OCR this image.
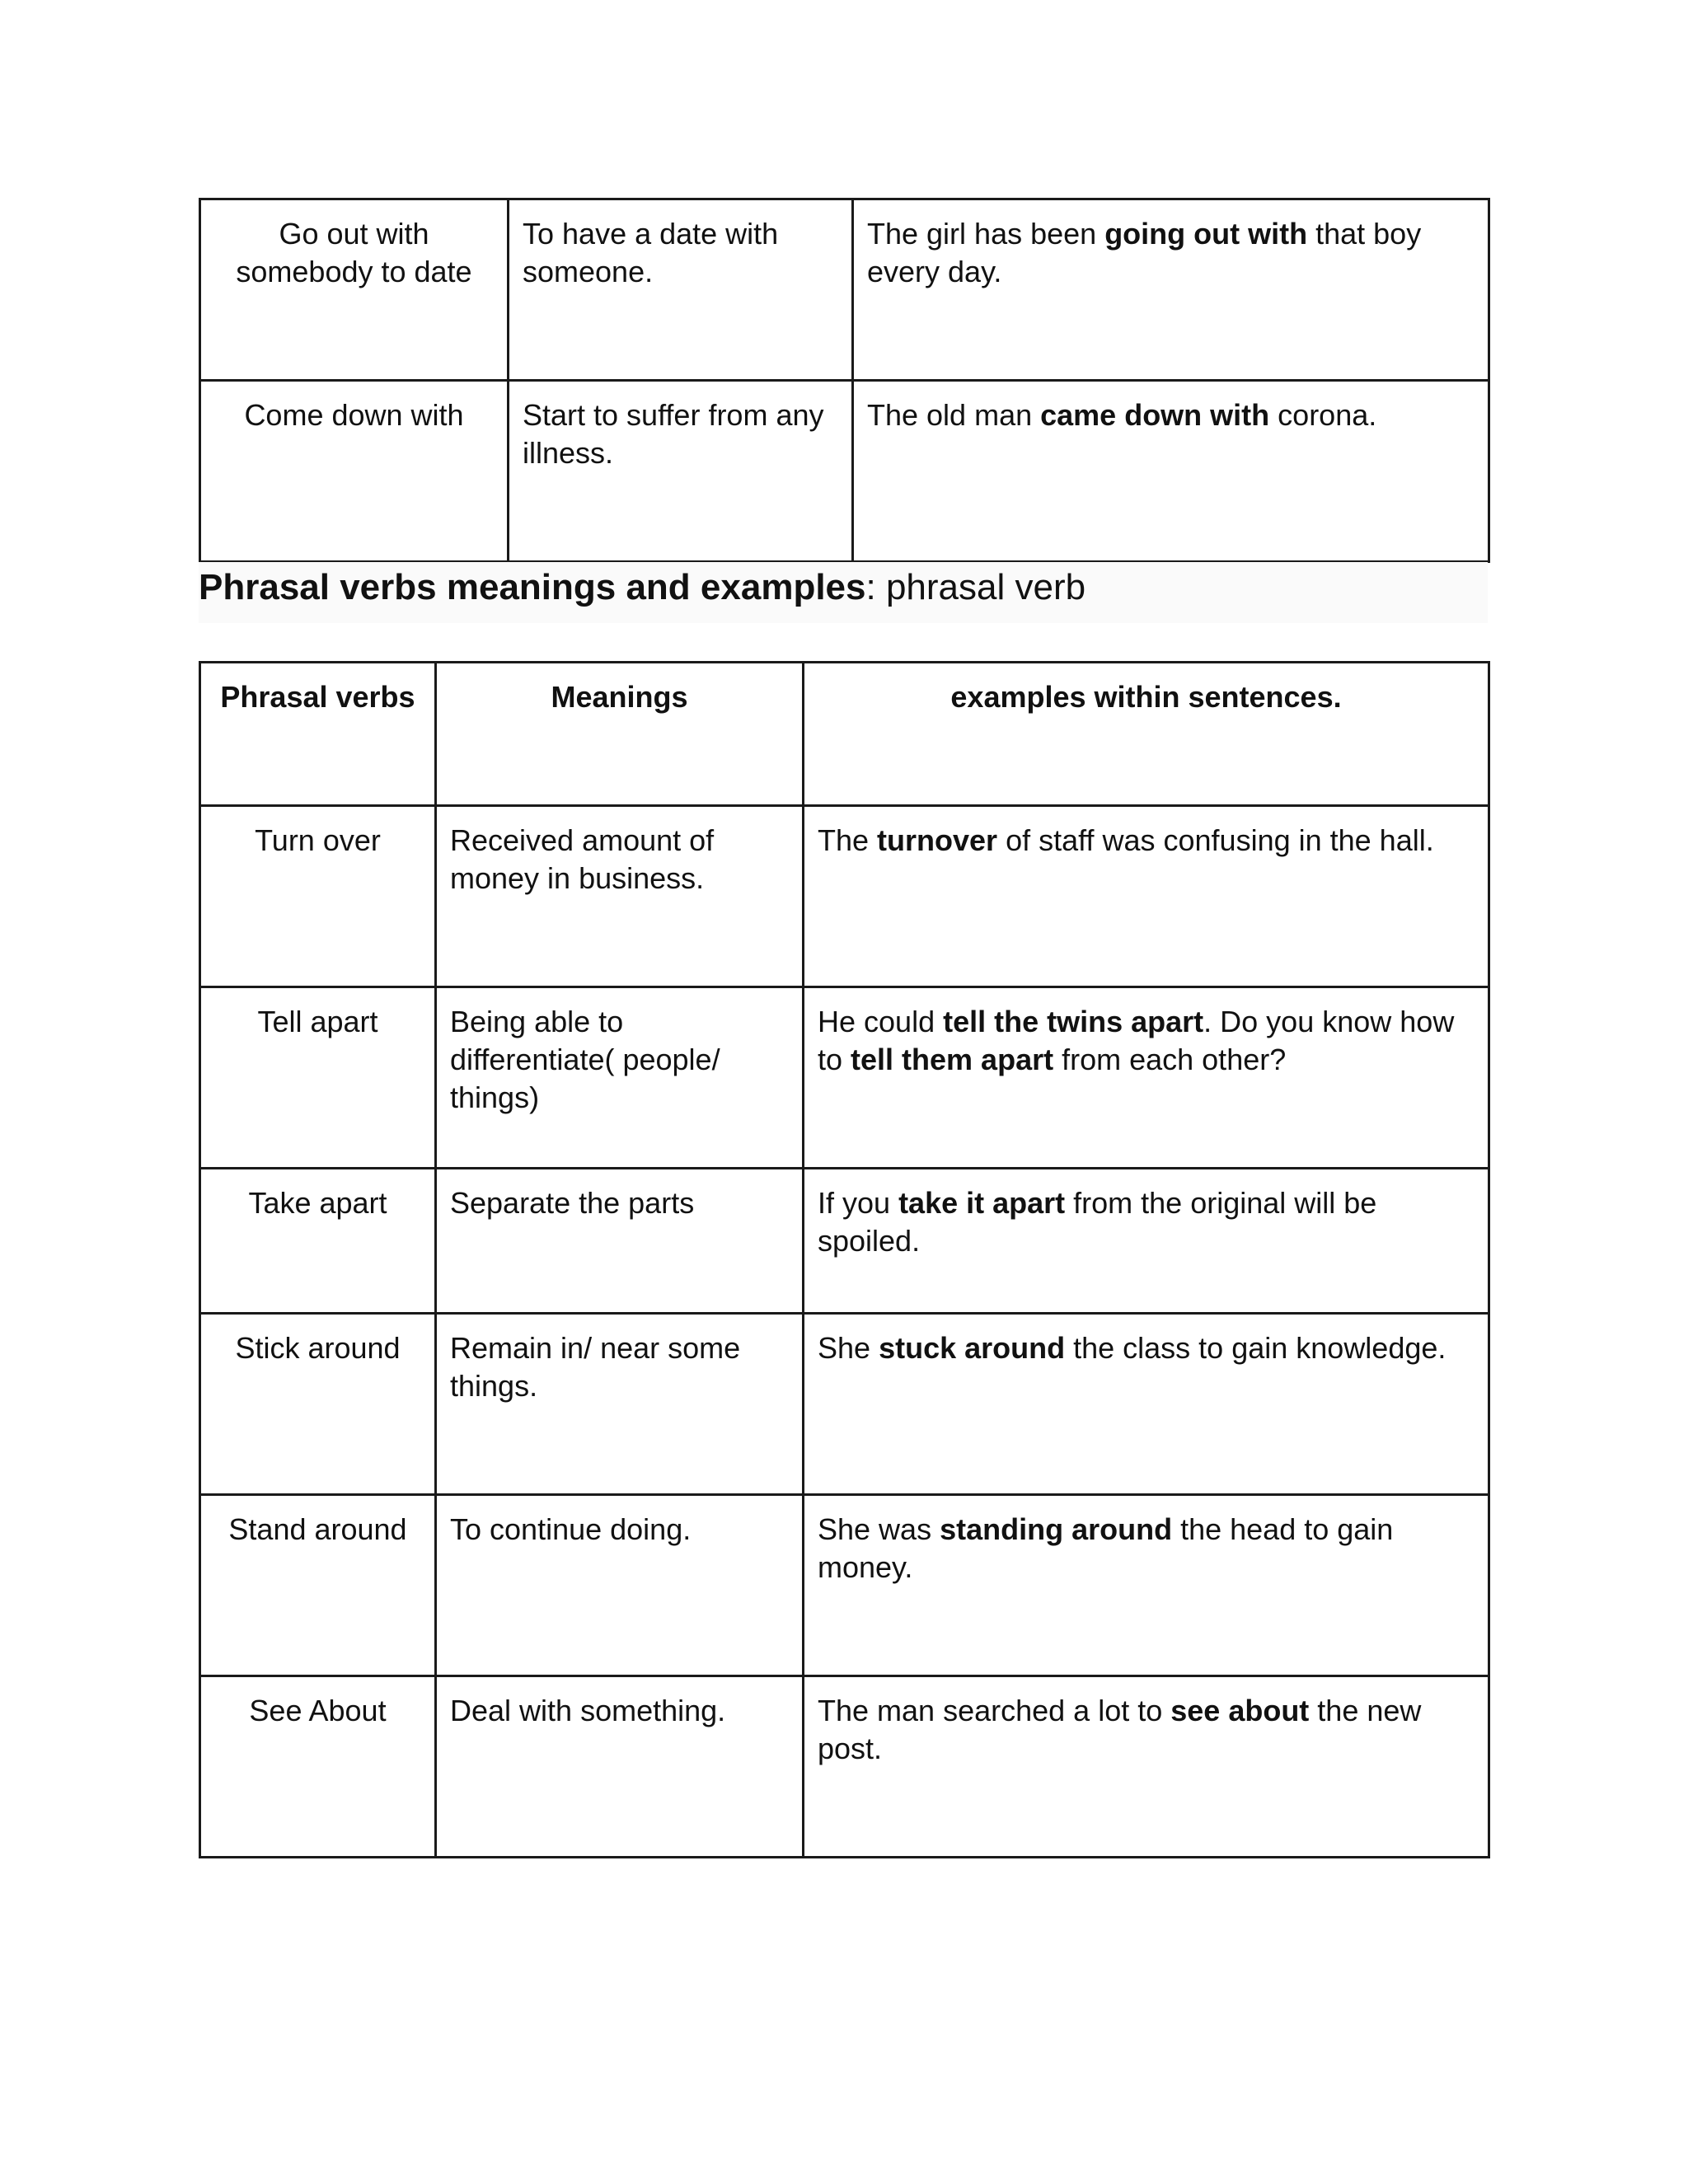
Go out with somebody to date	To have a date with someone.	The girl has been going out with that boy every day.
Come down with	Start to suffer from any illness.	The old man came down with corona.
Phrasal verbs meanings and examples: phrasal verb
Phrasal verbs	Meanings	examples within sentences.
Turn over	Received amount of money in business.	The turnover of staff was confusing in the hall.
Tell apart	Being able to differentiate( people/ things)	He could tell the twins apart. Do you know how to tell them apart from each other?
Take apart	Separate the parts	If you take it apart from the original will be spoiled.
Stick around	Remain in/ near some things.	She stuck around the class to gain knowledge.
Stand around	To continue doing.	She was standing around the head to gain money.
See About	Deal with something.	The man searched a lot to see about the new post.
